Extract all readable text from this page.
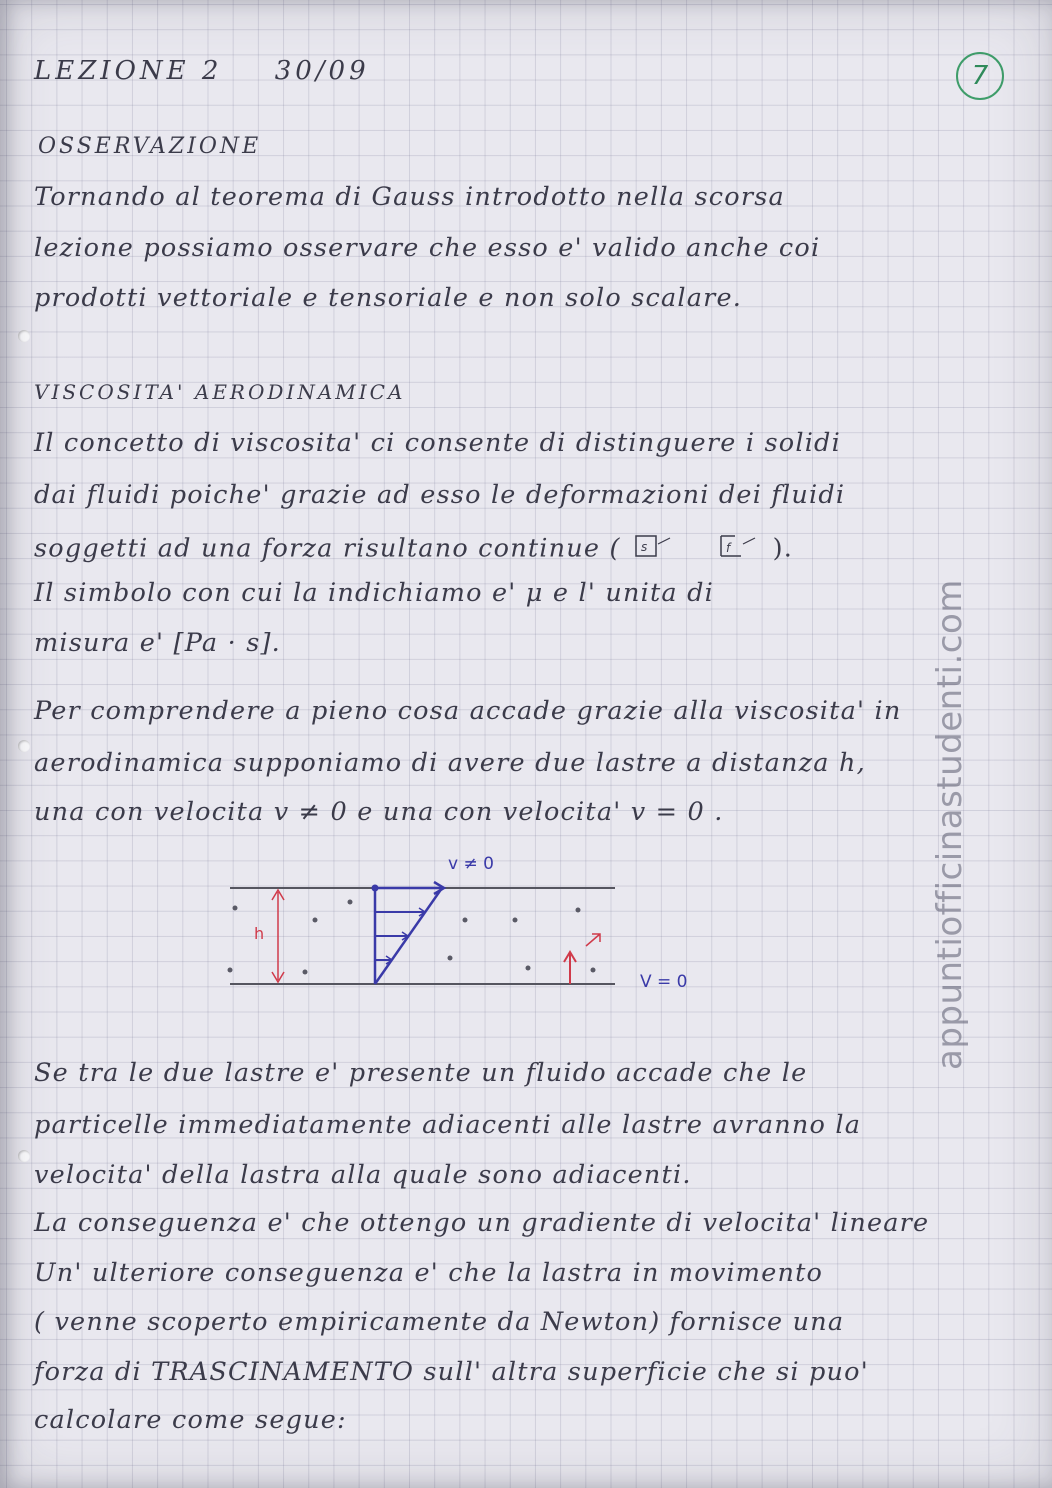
LEZIONE 2 30/09	7
OSSERVAZIONE
Tornando al teorema di Gauss introdotto nella scorsa
lezione possiamo osservare che esso e' valido anche coi
prodotti vettoriale e tensoriale e non solo scalare.
VISCOSITA' AERODINAMICA
Il concetto di viscosita' ci consente di distinguere i solidi
dai fluidi poiche' grazie ad esso le deformazioni dei fluidi
soggetti ad una forza risultano continue ( s
	f ).
Il simbolo con cui la indichiamo e' μ e l' unita di
misura e' [Pa · s].
Per comprendere a pieno cosa accade grazie alla viscosita' in
aerodinamica supponiamo di avere due lastre a distanza h,
una con velocita v ≠ 0 e una con velocita' v = 0 .
v ≠ 0
V = 0
h
Se tra le due lastre e' presente un fluido accade che le
particelle immediatamente adiacenti alle lastre avranno la
velocita' della lastra alla quale sono adiacenti.
La conseguenza e' che ottengo un gradiente di velocita' lineare
Un' ulteriore conseguenza e' che la lastra in movimento
( venne scoperto empiricamente da Newton) fornisce una
forza di TRASCINAMENTO sull' altra superficie che si puo'
calcolare come segue:
appuntiofficinastudenti.com
